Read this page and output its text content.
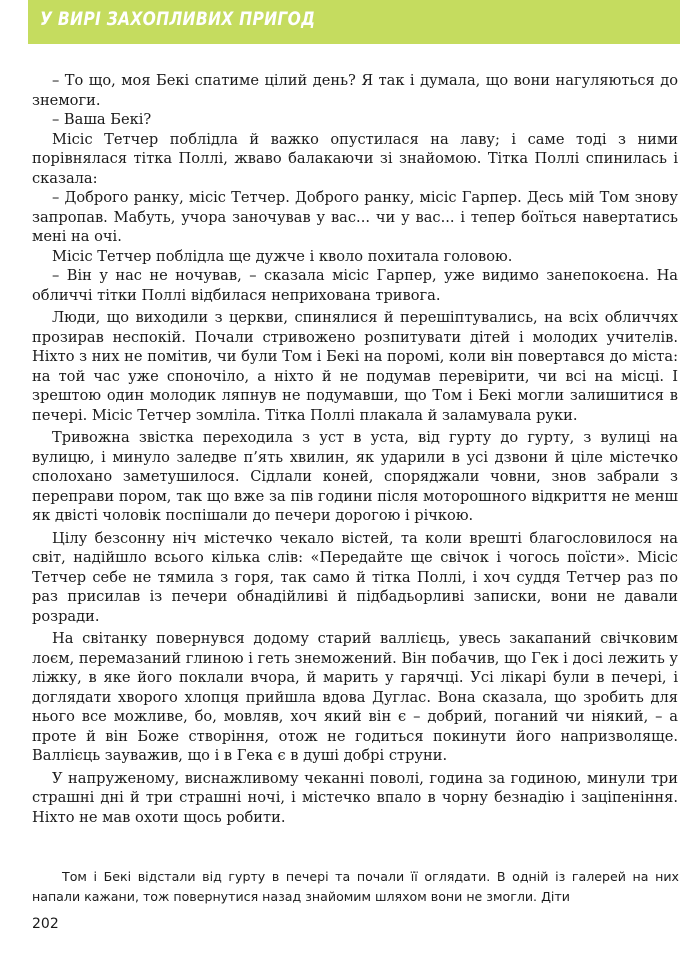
У ВИРІ ЗАХОПЛИВИХ ПРИГОД

– То що, моя Бекі спатиме цілий день? Я так і думала, що вони нагуляються до знемоги.

– Ваша Бекі?

Місіс Тетчер поблідла й важко опустилася на лаву; і саме тоді з ними порівнялася тітка Поллі, жваво балакаючи зі знайомою. Тітка Поллі спинилась і сказала:

– Доброго ранку, місіс Тетчер. Доброго ранку, місіс Гарпер. Десь мій Том знову запропав. Мабуть, учора заночував у вас... чи у вас... і тепер боїться навертатись мені на очі.

Місіс Тетчер поблідла ще дужче і кволо похитала головою.

– Він у нас не ночував, – сказала місіс Гарпер, уже видимо занепокоєна. На обличчі тітки Поллі відбилася неприхована тривога.

Люди, що виходили з церкви, спинялися й перешіптувались, на всіх обличчях прозирав неспокій. Почали стривожено розпитувати дітей і молодих учителів. Ніхто з них не помітив, чи були Том і Бекі на поромі, коли він повертався до міста: на той час уже споночіло, а ніхто й не подумав перевірити, чи всі на місці. І зрештою один молодик ляпнув не подумавши, що Том і Бекі могли залишитися в печері. Місіс Тетчер зомліла. Тітка Поллі плакала й заламувала руки.

Тривожна звістка переходила з уст в уста, від гурту до гурту, з вулиці на вулицю, і минуло заледве п’ять хвилин, як ударили в усі дзвони й ціле містечко сполохано заметушилося. Сідлали коней, споряджали човни, знов забрали з переправи пором, так що вже за пів години після моторошного відкриття не менш як двісті чоловік поспішали до печери дорогою і річкою.

Цілу безсонну ніч містечко чекало вістей, та коли врешті благословилося на світ, надійшло всього кілька слів: «Передайте ще свічок і чогось поїсти». Місіс Тетчер себе не тямила з горя, так само й тітка Поллі, і хоч суддя Тетчер раз по раз присилав із печери обнадійливі й підбадьорливі записки, вони не давали розради.

На світанку повернувся додому старий валлієць, увесь закапаний свічковим лоєм, перемазаний глиною і геть знеможений. Він побачив, що Гек і досі лежить у ліжку, в яке його поклали вчора, й марить у гарячці. Усі лікарі були в печері, і доглядати хворого хлопця прийшла вдова Дуглас. Вона сказала, що зробить для нього все можливе, бо, мовляв, хоч який він є – добрий, поганий чи ніякий, – а проте й він Боже створіння, отож не годиться покинути його напризволяще. Валлієць зауважив, що і в Гека є в душі добрі струни.

У напруженому, виснажливому чеканні поволі, година за годиною, минули три страшні дні й три страшні ночі, і містечко впало в чорну безнадію і заціпеніння. Ніхто не мав охоти щось робити.

Том і Бекі відстали від гурту в печері та почали її оглядати. В одній із галерей на них напали кажани, тож повернутися назад знайомим шляхом вони не змогли. Діти
202
